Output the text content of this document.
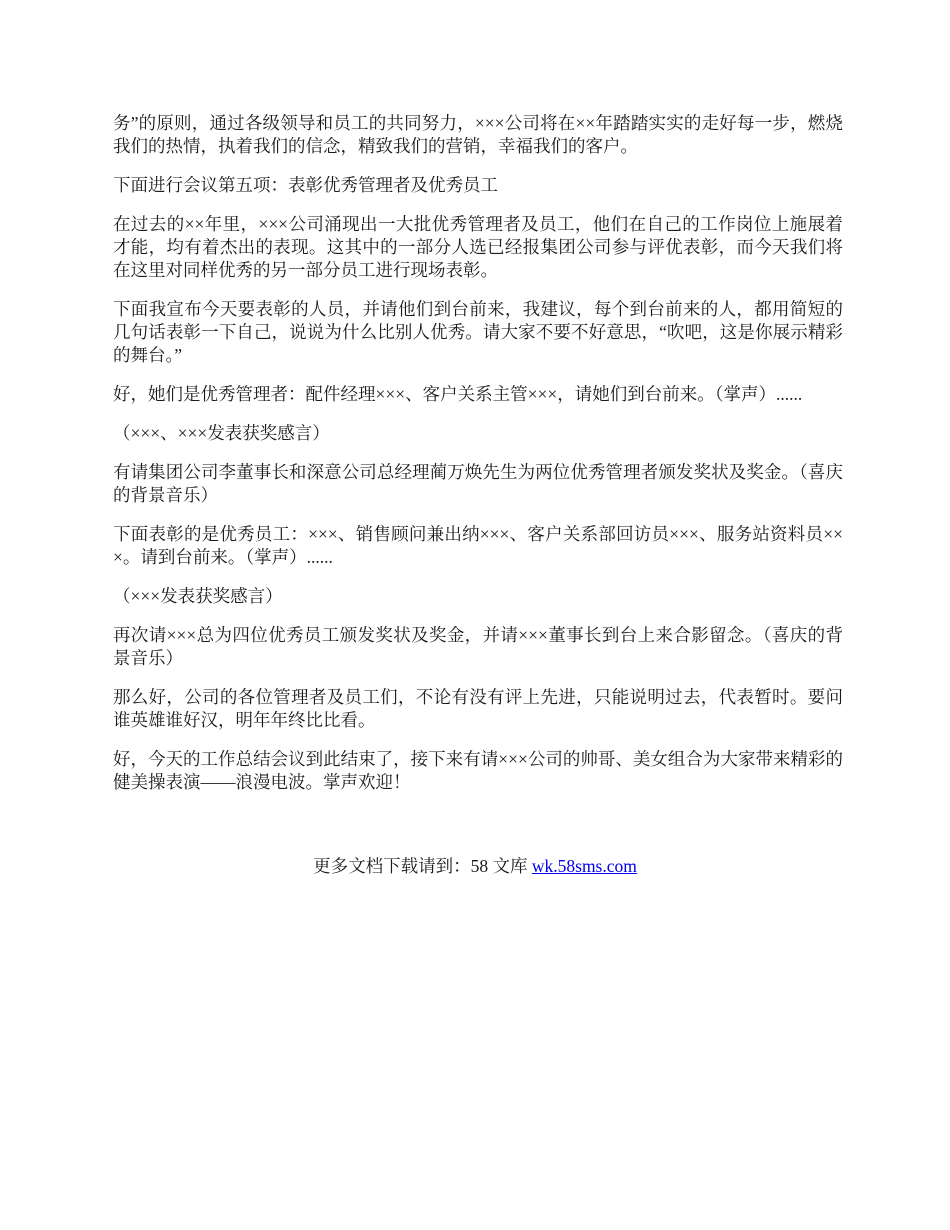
务”的原则，通过各级领导和员工的共同努力，×××公司将在××年踏踏实实的走好每一步，燃烧我们的热情，执着我们的信念，精致我们的营销，幸福我们的客户。

下面进行会议第五项：表彰优秀管理者及优秀员工

在过去的××年里，×××公司涌现出一大批优秀管理者及员工，他们在自己的工作岗位上施展着才能，均有着杰出的表现。这其中的一部分人选已经报集团公司参与评优表彰，而今天我们将在这里对同样优秀的另一部分员工进行现场表彰。

下面我宣布今天要表彰的人员，并请他们到台前来，我建议，每个到台前来的人，都用简短的几句话表彰一下自己，说说为什么比别人优秀。请大家不要不好意思，“吹吧，这是你展示精彩的舞台。”

好，她们是优秀管理者：配件经理×××、客户关系主管×××，请她们到台前来。（掌声）......

（×××、×××发表获奖感言）

有请集团公司李董事长和深意公司总经理蔺万焕先生为两位优秀管理者颁发奖状及奖金。（喜庆的背景音乐）

下面表彰的是优秀员工：×××、销售顾问兼出纳×××、客户关系部回访员×××、服务站资料员×××。请到台前来。（掌声）......

（×××发表获奖感言）

再次请×××总为四位优秀员工颁发奖状及奖金，并请×××董事长到台上来合影留念。（喜庆的背景音乐）

那么好，公司的各位管理者及员工们，不论有没有评上先进，只能说明过去，代表暂时。要问谁英雄谁好汉，明年年终比比看。

好，今天的工作总结会议到此结束了，接下来有请×××公司的帅哥、美女组合为大家带来精彩的健美操表演——浪漫电波。掌声欢迎！

更多文档下载请到：58 文库 wk.58sms.com
